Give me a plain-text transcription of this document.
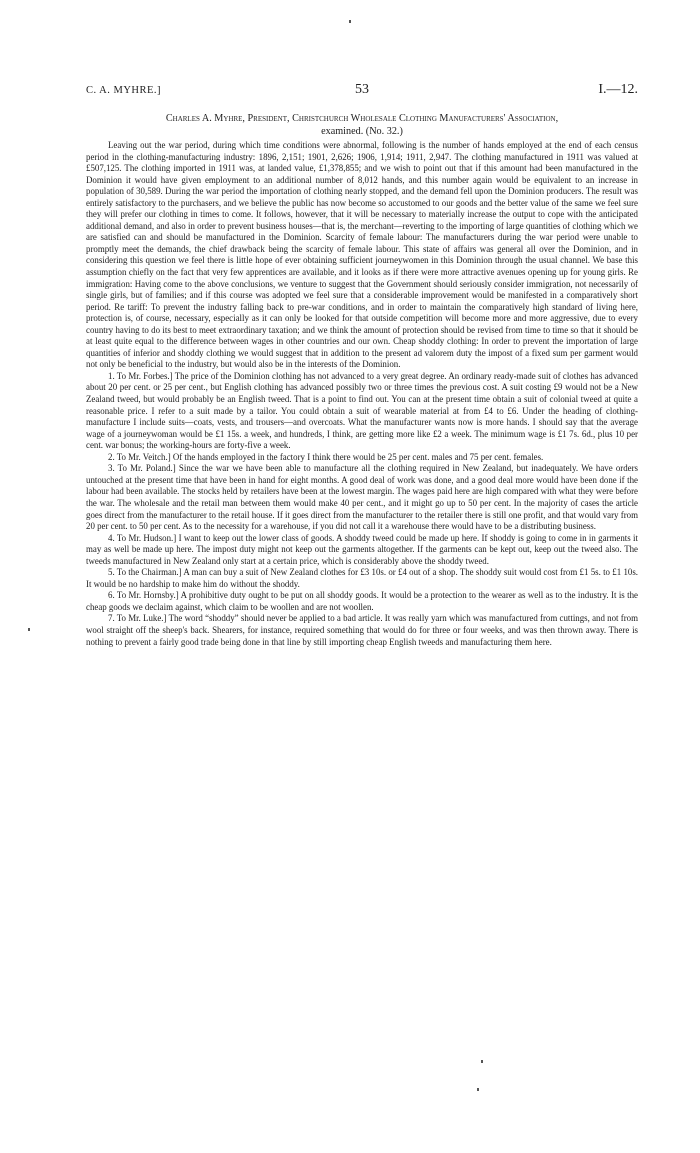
C. A. MYHRE.]	53	I.—12.
Charles A. Myhre, President, Christchurch Wholesale Clothing Manufacturers' Association,
examined. (No. 32.)

Leaving out the war period, during which time conditions were abnormal, following is the number of hands employed at the end of each census period in the clothing-manufacturing industry: 1896, 2,151; 1901, 2,626; 1906, 1,914; 1911, 2,947. The clothing manufactured in 1911 was valued at £507,125. The clothing imported in 1911 was, at landed value, £1,378,855; and we wish to point out that if this amount had been manufactured in the Dominion it would have given employment to an additional number of 8,012 hands, and this number again would be equivalent to an increase in population of 30,589. During the war period the importation of clothing nearly stopped, and the demand fell upon the Dominion producers. The result was entirely satisfactory to the purchasers, and we believe the public has now become so accustomed to our goods and the better value of the same we feel sure they will prefer our clothing in times to come. It follows, however, that it will be necessary to materially increase the output to cope with the anticipated additional demand, and also in order to prevent business houses—that is, the merchant—reverting to the importing of large quantities of clothing which we are satisfied can and should be manufactured in the Dominion. Scarcity of female labour: The manufacturers during the war period were unable to promptly meet the demands, the chief drawback being the scarcity of female labour. This state of affairs was general all over the Dominion, and in considering this question we feel there is little hope of ever obtaining sufficient journeywomen in this Dominion through the usual channel. We base this assumption chiefly on the fact that very few apprentices are available, and it looks as if there were more attractive avenues opening up for young girls. Re immigration: Having come to the above conclusions, we venture to suggest that the Government should seriously consider immigration, not necessarily of single girls, but of families; and if this course was adopted we feel sure that a considerable improvement would be manifested in a comparatively short period. Re tariff: To prevent the industry falling back to pre-war conditions, and in order to maintain the comparatively high standard of living here, protection is, of course, necessary, especially as it can only be looked for that outside competition will become more and more aggressive, due to every country having to do its best to meet extraordinary taxation; and we think the amount of protection should be revised from time to time so that it should be at least quite equal to the difference between wages in other countries and our own. Cheap shoddy clothing: In order to prevent the importation of large quantities of inferior and shoddy clothing we would suggest that in addition to the present ad valorem duty the impost of a fixed sum per garment would not only be beneficial to the industry, but would also be in the interests of the Dominion.

1. To Mr. Forbes.] The price of the Dominion clothing has not advanced to a very great degree. An ordinary ready-made suit of clothes has advanced about 20 per cent. or 25 per cent., but English clothing has advanced possibly two or three times the previous cost. A suit costing £9 would not be a New Zealand tweed, but would probably be an English tweed. That is a point to find out. You can at the present time obtain a suit of colonial tweed at quite a reasonable price. I refer to a suit made by a tailor. You could obtain a suit of wearable material at from £4 to £6. Under the heading of clothing-manufacture I include suits—coats, vests, and trousers—and overcoats. What the manufacturer wants now is more hands. I should say that the average wage of a journeywoman would be £1 15s. a week, and hundreds, I think, are getting more like £2 a week. The minimum wage is £1 7s. 6d., plus 10 per cent. war bonus; the working-hours are forty-five a week.

2. To Mr. Veitch.] Of the hands employed in the factory I think there would be 25 per cent. males and 75 per cent. females.

3. To Mr. Poland.] Since the war we have been able to manufacture all the clothing required in New Zealand, but inadequately. We have orders untouched at the present time that have been in hand for eight months. A good deal of work was done, and a good deal more would have been done if the labour had been available. The stocks held by retailers have been at the lowest margin. The wages paid here are high compared with what they were before the war. The wholesale and the retail man between them would make 40 per cent., and it might go up to 50 per cent. In the majority of cases the article goes direct from the manufacturer to the retail house. If it goes direct from the manufacturer to the retailer there is still one profit, and that would vary from 20 per cent. to 50 per cent. As to the necessity for a warehouse, if you did not call it a warehouse there would have to be a distributing business.

4. To Mr. Hudson.] I want to keep out the lower class of goods. A shoddy tweed could be made up here. If shoddy is going to come in in garments it may as well be made up here. The impost duty might not keep out the garments altogether. If the garments can be kept out, keep out the tweed also. The tweeds manufactured in New Zealand only start at a certain price, which is considerably above the shoddy tweed.

5. To the Chairman.] A man can buy a suit of New Zealand clothes for £3 10s. or £4 out of a shop. The shoddy suit would cost from £1 5s. to £1 10s. It would be no hardship to make him do without the shoddy.

6. To Mr. Hornsby.] A prohibitive duty ought to be put on all shoddy goods. It would be a protection to the wearer as well as to the industry. It is the cheap goods we declaim against, which claim to be woollen and are not woollen.

7. To Mr. Luke.] The word “shoddy” should never be applied to a bad article. It was really yarn which was manufactured from cuttings, and not from wool straight off the sheep's back. Shearers, for instance, required something that would do for three or four weeks, and was then thrown away. There is nothing to prevent a fairly good trade being done in that line by still importing cheap English tweeds and manufacturing them here.
